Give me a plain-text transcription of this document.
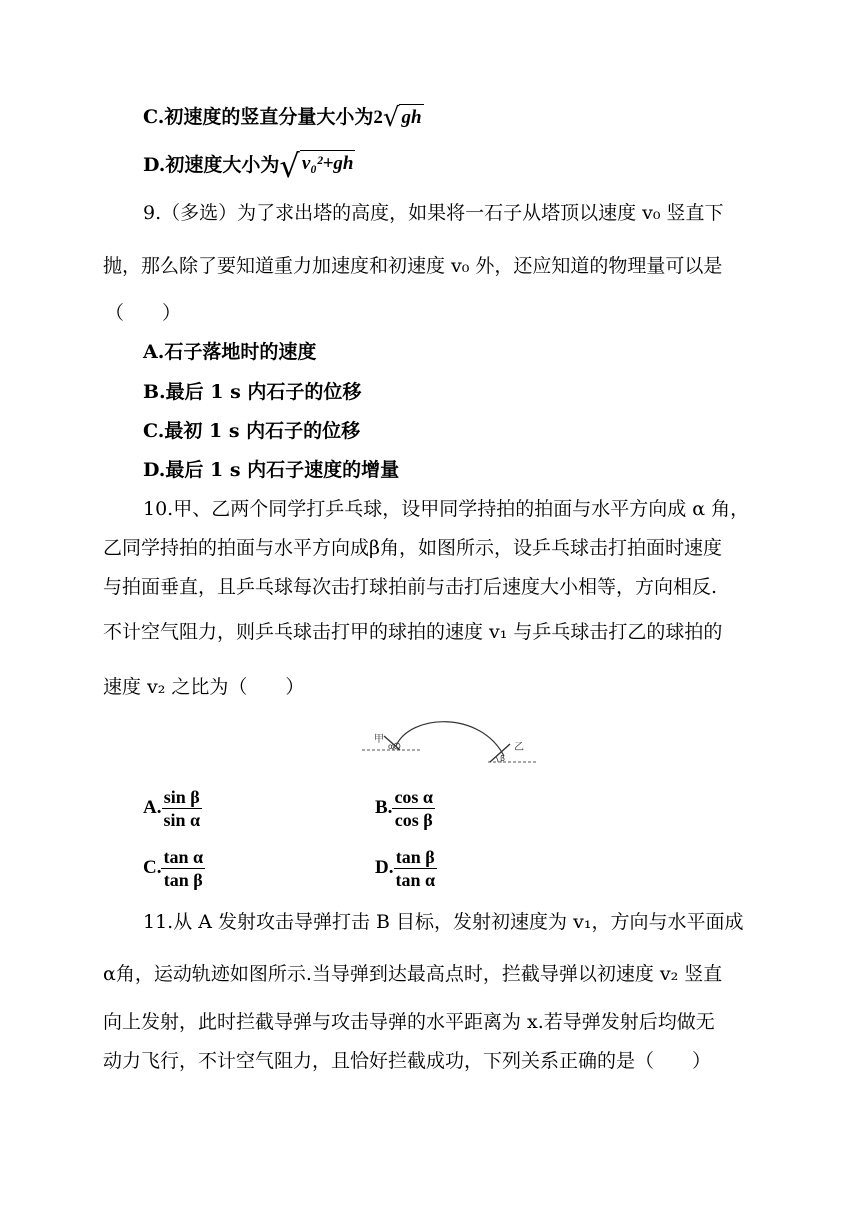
C.初速度的竖直分量大小为2 √ gh
D.初速度大小为 √ v₀²+gh
9.（多选）为了求出塔的高度，如果将一石子从塔顶以速度 v₀ 竖直下
抛，那么除了要知道重力加速度和初速度 v₀ 外，还应知道的物理量可以是
（　　）
A.石子落地时的速度
B.最后 1 s 内石子的位移
C.最初 1 s 内石子的位移
D.最后 1 s 内石子速度的增量
10.甲、乙两个同学打乒乓球，设甲同学持拍的拍面与水平方向成 α 角，
乙同学持拍的拍面与水平方向成β角，如图所示，设乒乓球击打拍面时速度
与拍面垂直，且乒乓球每次击打球拍前与击打后速度大小相等，方向相反.
不计空气阻力，则乒乓球击打甲的球拍的速度 v₁ 与乒乓球击打乙的球拍的
速度 v₂ 之比为（　　）
甲
α	乙
β
A. $\frac{\text{sin β}}{\text{sin α}}$	B. $\frac{\text{cos α}}{\text{cos β}}$
C. $\frac{\text{tan α}}{\text{tan β}}$	D. $\frac{\text{tan β}}{\text{tan α}}$
11.从 A 发射攻击导弹打击 B 目标，发射初速度为 v₁，方向与水平面成
α角，运动轨迹如图所示.当导弹到达最高点时，拦截导弹以初速度 v₂ 竖直
向上发射，此时拦截导弹与攻击导弹的水平距离为 x.若导弹发射后均做无
动力飞行，不计空气阻力，且恰好拦截成功，下列关系正确的是（　　）
